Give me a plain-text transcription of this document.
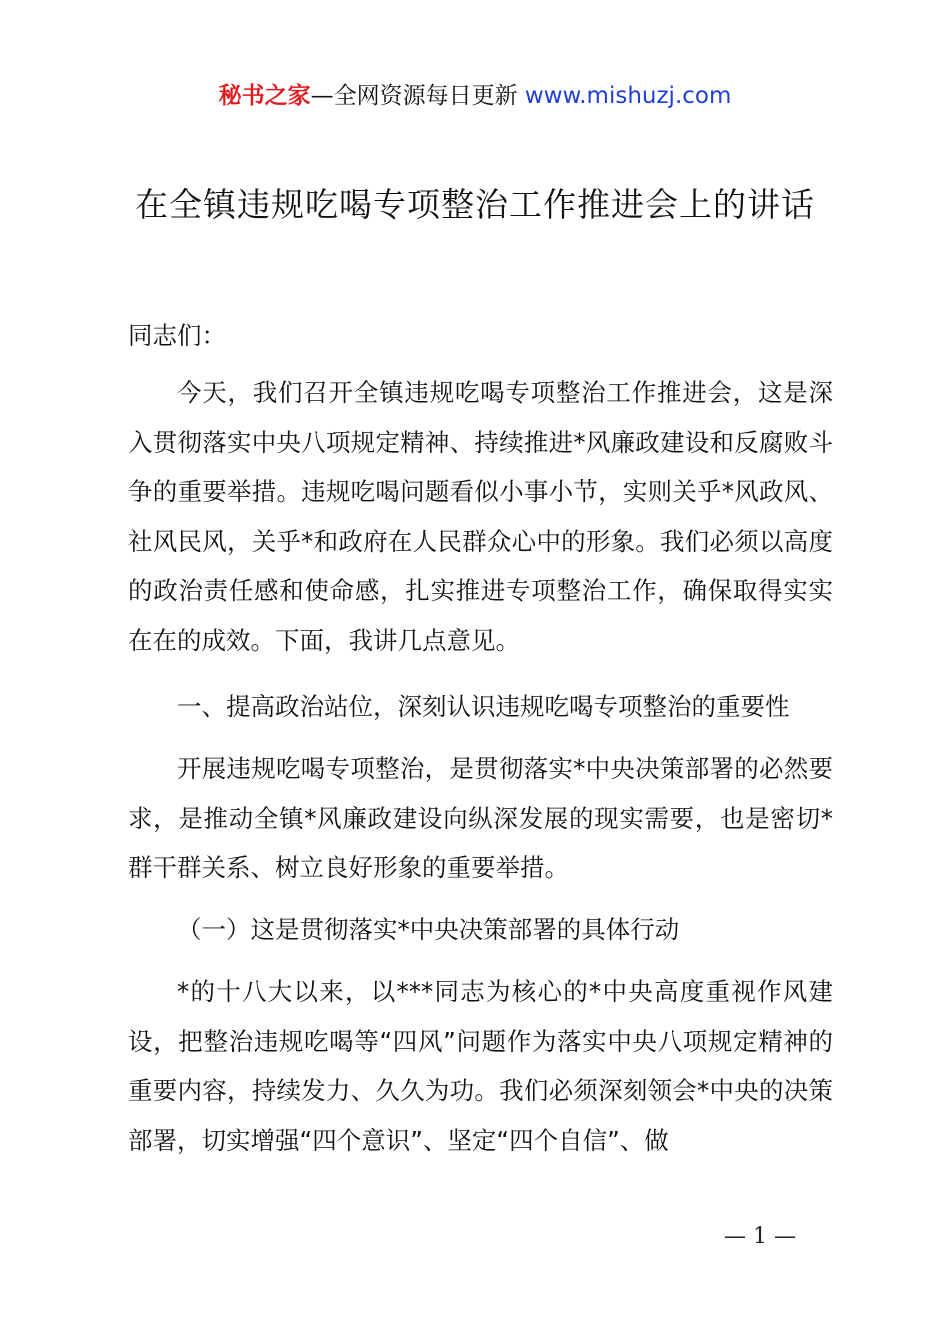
秘书之家—全网资源每日更新 www.mishuzj.com
在全镇违规吃喝专项整治工作推进会上的讲话
同志们：
今天，我们召开全镇违规吃喝专项整治工作推进会，这是深入贯彻落实中央八项规定精神、持续推进*风廉政建设和反腐败斗争的重要举措。违规吃喝问题看似小事小节，实则关乎*风政风、社风民风，关乎*和政府在人民群众心中的形象。我们必须以高度的政治责任感和使命感，扎实推进专项整治工作，确保取得实实在在的成效。下面，我讲几点意见。
一、提高政治站位，深刻认识违规吃喝专项整治的重要性
开展违规吃喝专项整治，是贯彻落实*中央决策部署的必然要求，是推动全镇*风廉政建设向纵深发展的现实需要，也是密切*群干群关系、树立良好形象的重要举措。
（一）这是贯彻落实*中央决策部署的具体行动
*的十八大以来，以***同志为核心的*中央高度重视作风建设，把整治违规吃喝等“四风”问题作为落实中央八项规定精神的重要内容，持续发力、久久为功。我们必须深刻领会*中央的决策部署，切实增强“四个意识”、坚定“四个自信”、做
— 1 —
